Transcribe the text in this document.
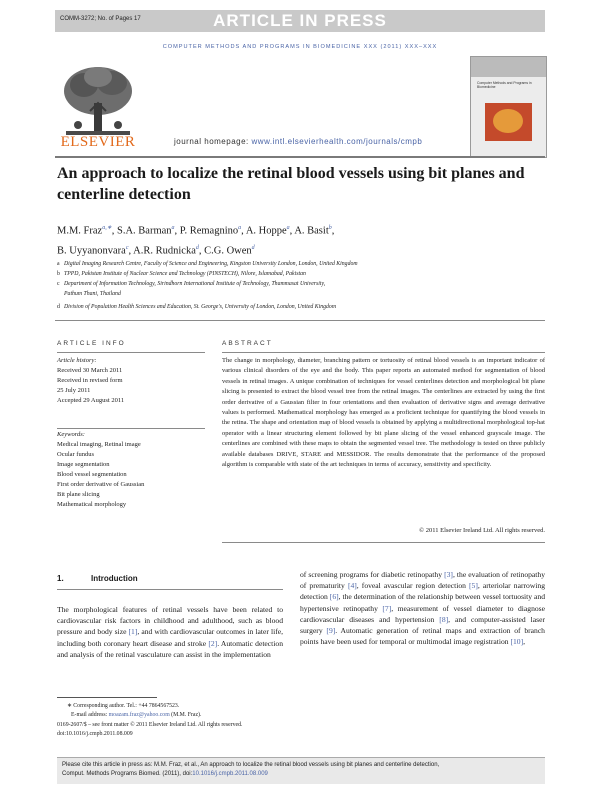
COMM-3272; No. of Pages 17	ARTICLE IN PRESS
COMPUTER METHODS AND PROGRAMS IN BIOMEDICINE XXX (2011) XXX–XXX
ELSEVIER
Computer Methods and Programs in Biomedicine
journal homepage: www.intl.elsevierhealth.com/journals/cmpb
An approach to localize the retinal blood vessels using bit planes and centerline detection
M.M. Fraz$^{a,∗}$, S.A. Barman$^a$, P. Remagnino$^a$, A. Hoppe$^a$, A. Basit$^b$,
B. Uyyanonvara$^c$, A.R. Rudnicka$^d$, C.G. Owen$^d$
a Digital Imaging Research Centre, Faculty of Science and Engineering, Kingston University London, London, United Kingdom
b TPPD, Pakistan Institute of Nuclear Science and Technology (PINSTECH), Nilore, Islamabad, Pakistan
c Department of Information Technology, Sirindhorn International Institute of Technology, Thammasat University,
Pathum Thani, Thailand
d Division of Population Health Sciences and Education, St. George's, University of London, London, United Kingdom
ARTICLE INFO
Article history:
Received 30 March 2011
Received in revised form
25 July 2011
Accepted 29 August 2011
Keywords:
Medical imaging, Retinal image
Ocular fundus
Image segmentation
Blood vessel segmentation
First order derivative of Gaussian
Bit plane slicing
Mathematical morphology
ABSTRACT
The change in morphology, diameter, branching pattern or tortuosity of retinal blood vessels is an important indicator of various clinical disorders of the eye and the body. This paper reports an automated method for segmentation of blood vessels in retinal images. A unique combination of techniques for vessel centerlines detection and morphological bit plane slicing is presented to extract the blood vessel tree from the retinal images. The centerlines are extracted by using the first order derivative of a Gaussian filter in four orientations and then evaluation of derivative signs and average derivative values is performed. Mathematical morphology has emerged as a proficient technique for quantifying the blood vessels in the retina. The shape and orientation map of blood vessels is obtained by applying a multidirectional morphological top-hat operator with a linear structuring element followed by bit plane slicing of the vessel enhanced grayscale image. The centerlines are combined with these maps to obtain the segmented vessel tree. The methodology is tested on three publicly available databases DRIVE, STARE and MESSIDOR. The results demonstrate that the performance of the proposed algorithm is comparable with state of the art techniques in terms of accuracy, sensitivity and specificity.
© 2011 Elsevier Ireland Ltd. All rights reserved.
1.	Introduction
The morphological features of retinal vessels have been related to cardiovascular risk factors in childhood and adulthood, such as blood pressure and body size [1], and with cardiovascular outcomes in later life, including both coronary heart disease and stroke [2]. Automatic detection and analysis of the retinal vasculature can assist in the implementation
of screening programs for diabetic retinopathy [3], the evaluation of retinopathy of prematurity [4], foveal avascular region detection [5], arteriolar narrowing detection [6], the determination of the relationship between vessel tortuosity and hypertensive retinopathy [7], measurement of vessel diameter to diagnose cardiovascular diseases and hypertension [8], and computer-assisted laser surgery [9]. Automatic generation of retinal maps and extraction of branch points have been used for temporal or multimodal image registration [10],
∗ Corresponding author. Tel.: +44 7864567523.
E-mail address: moazam.fraz@yahoo.com (M.M. Fraz).
0169-2607/$ – see front matter © 2011 Elsevier Ireland Ltd. All rights reserved.
doi:10.1016/j.cmpb.2011.08.009
Please cite this article in press as: M.M. Fraz, et al., An approach to localize the retinal blood vessels using bit planes and centerline detection,
Comput. Methods Programs Biomed. (2011), doi:10.1016/j.cmpb.2011.08.009
